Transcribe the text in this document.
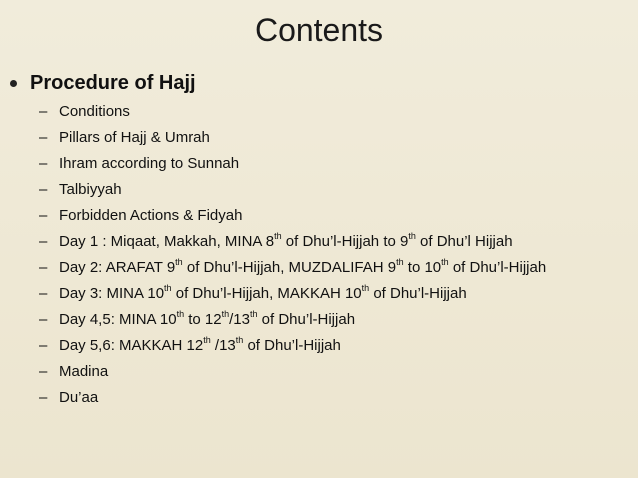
Contents
Procedure of Hajj
– Conditions
– Pillars of Hajj & Umrah
– Ihram according to Sunnah
– Talbiyyah
– Forbidden Actions & Fidyah
– Day 1 : Miqaat, Makkah, MINA 8th of Dhu’l-Hijjah to 9th of Dhu’l Hijjah
– Day 2: ARAFAT 9th of Dhu’l-Hijjah, MUZDALIFAH 9th to 10th of Dhu’l-Hijjah
– Day 3: MINA 10th of Dhu’l-Hijjah, MAKKAH 10th of Dhu’l-Hijjah
– Day 4,5: MINA 10th to 12th/13th of Dhu’l-Hijjah
– Day 5,6: MAKKAH 12th /13th of Dhu’l-Hijjah
– Madina
– Du’aa
